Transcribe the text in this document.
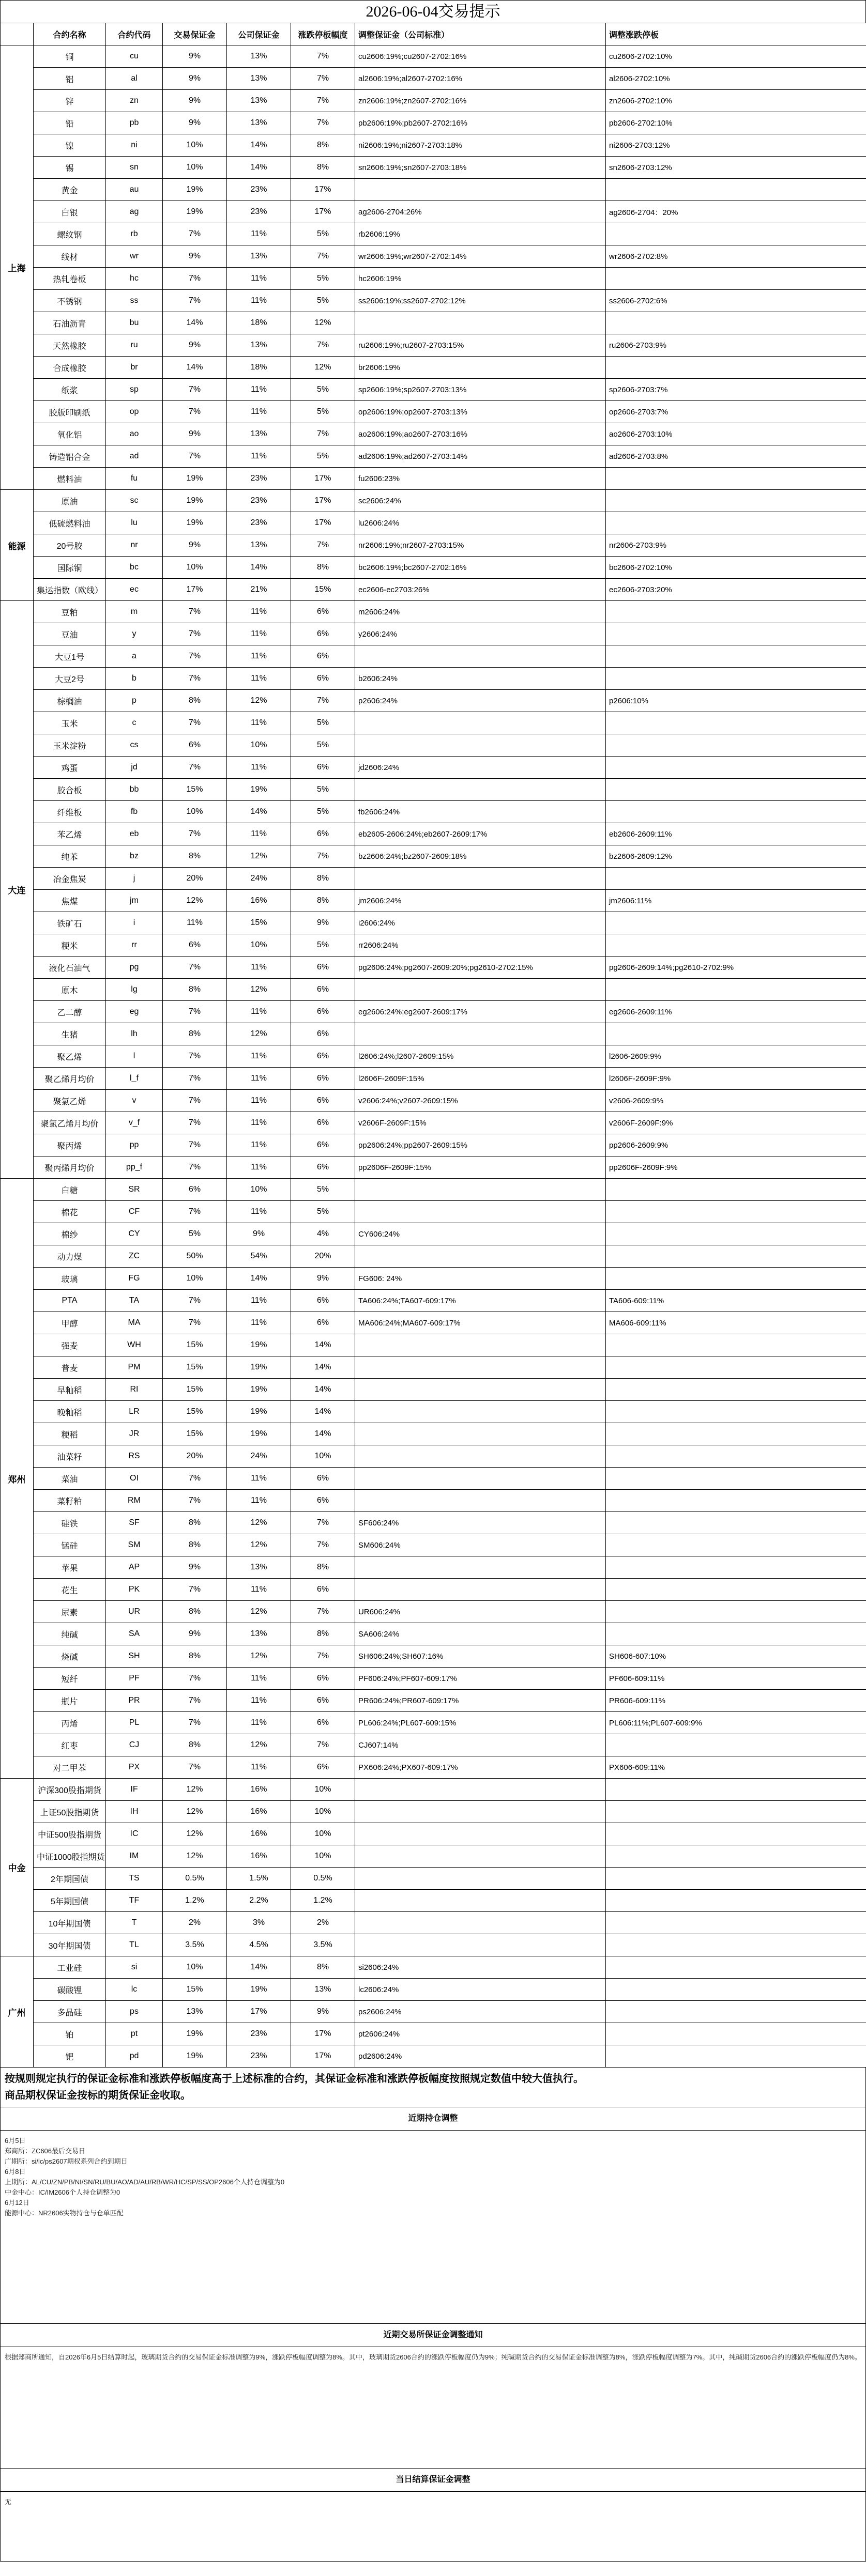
2026-06-04交易提示
	合约名称	合约代码	交易保证金	公司保证金	涨跌停板幅度	调整保证金（公司标准）	调整涨跌停板
上海	铜	cu	9%	13%	7%	cu2606:19%;cu2607-2702:16%	cu2606-2702:10%
	铝	al	9%	13%	7%	al2606:19%;al2607-2702:16%	al2606-2702:10%
	锌	zn	9%	13%	7%	zn2606:19%;zn2607-2702:16%	zn2606-2702:10%
	铅	pb	9%	13%	7%	pb2606:19%;pb2607-2702:16%	pb2606-2702:10%
	镍	ni	10%	14%	8%	ni2606:19%;ni2607-2703:18%	ni2606-2703:12%
	锡	sn	10%	14%	8%	sn2606:19%;sn2607-2703:18%	sn2606-2703:12%
	黄金	au	19%	23%	17%		
	白银	ag	19%	23%	17%	ag2606-2704:26%	ag2606-2704：20%
	螺纹钢	rb	7%	11%	5%	rb2606:19%	
	线材	wr	9%	13%	7%	wr2606:19%;wr2607-2702:14%	wr2606-2702:8%
	热轧卷板	hc	7%	11%	5%	hc2606:19%	
	不锈钢	ss	7%	11%	5%	ss2606:19%;ss2607-2702:12%	ss2606-2702:6%
	石油沥青	bu	14%	18%	12%		
	天然橡胶	ru	9%	13%	7%	ru2606:19%;ru2607-2703:15%	ru2606-2703:9%
	合成橡胶	br	14%	18%	12%	br2606:19%	
	纸浆	sp	7%	11%	5%	sp2606:19%;sp2607-2703:13%	sp2606-2703:7%
	胶版印刷纸	op	7%	11%	5%	op2606:19%;op2607-2703:13%	op2606-2703:7%
	氧化铝	ao	9%	13%	7%	ao2606:19%;ao2607-2703:16%	ao2606-2703:10%
	铸造铝合金	ad	7%	11%	5%	ad2606:19%;ad2607-2703:14%	ad2606-2703:8%
	燃料油	fu	19%	23%	17%	fu2606:23%	
能源	原油	sc	19%	23%	17%	sc2606:24%	
	低硫燃料油	lu	19%	23%	17%	lu2606:24%	
	20号胶	nr	9%	13%	7%	nr2606:19%;nr2607-2703:15%	nr2606-2703:9%
	国际铜	bc	10%	14%	8%	bc2606:19%;bc2607-2702:16%	bc2606-2702:10%
	集运指数（欧线）	ec	17%	21%	15%	ec2606-ec2703:26%	ec2606-2703:20%
大连	豆粕	m	7%	11%	6%	m2606:24%	
	豆油	y	7%	11%	6%	y2606:24%	
	大豆1号	a	7%	11%	6%		
	大豆2号	b	7%	11%	6%	b2606:24%	
	棕榈油	p	8%	12%	7%	p2606:24%	p2606:10%
	玉米	c	7%	11%	5%		
	玉米淀粉	cs	6%	10%	5%		
	鸡蛋	jd	7%	11%	6%	jd2606:24%	
	胶合板	bb	15%	19%	5%		
	纤维板	fb	10%	14%	5%	fb2606:24%	
	苯乙烯	eb	7%	11%	6%	eb2605-2606:24%;eb2607-2609:17%	eb2606-2609:11%
	纯苯	bz	8%	12%	7%	bz2606:24%;bz2607-2609:18%	bz2606-2609:12%
	冶金焦炭	j	20%	24%	8%		
	焦煤	jm	12%	16%	8%	jm2606:24%	jm2606:11%
	铁矿石	i	11%	15%	9%	i2606:24%	
	粳米	rr	6%	10%	5%	rr2606:24%	
	液化石油气	pg	7%	11%	6%	pg2606:24%;pg2607-2609:20%;pg2610-2702:15%	pg2606-2609:14%;pg2610-2702:9%
	原木	lg	8%	12%	6%		
	乙二醇	eg	7%	11%	6%	eg2606:24%;eg2607-2609:17%	eg2606-2609:11%
	生猪	lh	8%	12%	6%		
	聚乙烯	l	7%	11%	6%	l2606:24%;l2607-2609:15%	l2606-2609:9%
	聚乙烯月均价	l_f	7%	11%	6%	l2606F-2609F:15%	l2606F-2609F:9%
	聚氯乙烯	v	7%	11%	6%	v2606:24%;v2607-2609:15%	v2606-2609:9%
	聚氯乙烯月均价	v_f	7%	11%	6%	v2606F-2609F:15%	v2606F-2609F:9%
	聚丙烯	pp	7%	11%	6%	pp2606:24%;pp2607-2609:15%	pp2606-2609:9%
	聚丙烯月均价	pp_f	7%	11%	6%	pp2606F-2609F:15%	pp2606F-2609F:9%
郑州	白糖	SR	6%	10%	5%		
	棉花	CF	7%	11%	5%		
	棉纱	CY	5%	9%	4%	CY606:24%	
	动力煤	ZC	50%	54%	20%		
	玻璃	FG	10%	14%	9%	FG606: 24%	
	PTA	TA	7%	11%	6%	TA606:24%;TA607-609:17%	TA606-609:11%
	甲醇	MA	7%	11%	6%	MA606:24%;MA607-609:17%	MA606-609:11%
	强麦	WH	15%	19%	14%		
	普麦	PM	15%	19%	14%		
	早籼稻	RI	15%	19%	14%		
	晚籼稻	LR	15%	19%	14%		
	粳稻	JR	15%	19%	14%		
	油菜籽	RS	20%	24%	10%		
	菜油	OI	7%	11%	6%		
	菜籽粕	RM	7%	11%	6%		
	硅铁	SF	8%	12%	7%	SF606:24%	
	锰硅	SM	8%	12%	7%	SM606:24%	
	苹果	AP	9%	13%	8%		
	花生	PK	7%	11%	6%		
	尿素	UR	8%	12%	7%	UR606:24%	
	纯碱	SA	9%	13%	8%	SA606:24%	
	烧碱	SH	8%	12%	7%	SH606:24%;SH607:16%	SH606-607:10%
	短纤	PF	7%	11%	6%	PF606:24%;PF607-609:17%	PF606-609:11%
	瓶片	PR	7%	11%	6%	PR606:24%;PR607-609:17%	PR606-609:11%
	丙烯	PL	7%	11%	6%	PL606:24%;PL607-609:15%	PL606:11%;PL607-609:9%
	红枣	CJ	8%	12%	7%	CJ607:14%	
	对二甲苯	PX	7%	11%	6%	PX606:24%;PX607-609:17%	PX606-609:11%
中金	沪深300股指期货	IF	12%	16%	10%		
	上证50股指期货	IH	12%	16%	10%		
	中证500股指期货	IC	12%	16%	10%		
	中证1000股指期货	IM	12%	16%	10%		
	2年期国债	TS	0.5%	1.5%	0.5%		
	5年期国债	TF	1.2%	2.2%	1.2%		
	10年期国债	T	2%	3%	2%		
	30年期国债	TL	3.5%	4.5%	3.5%		
广州	工业硅	si	10%	14%	8%	si2606:24%	
	碳酸锂	lc	15%	19%	13%	lc2606:24%	
	多晶硅	ps	13%	17%	9%	ps2606:24%	
	铂	pt	19%	23%	17%	pt2606:24%	
	钯	pd	19%	23%	17%	pd2606:24%	
按规则规定执行的保证金标准和涨跌停板幅度高于上述标准的合约，其保证金标准和涨跌停板幅度按照规定数值中较大值执行。
商品期权保证金按标的期货保证金收取。
近期持仓调整
6月5日
郑商所：ZC606最后交易日
广期所：si/lc/ps2607期权系列合约到期日
6月8日
上期所：AL/CU/ZN/PB/NI/SN/RU/BU/AO/AD/AU/RB/WR/HC/SP/SS/OP2606个人持仓调整为0
中金中心：IC/IM2606个人持仓调整为0
6月12日
能源中心：NR2606实物持仓与仓单匹配
近期交易所保证金调整通知
根据郑商所通知，自2026年6月5日结算时起，玻璃期货合约的交易保证金标准调整为9%，涨跌停板幅度调整为8%。其中，玻璃期货2606合约的涨跌停板幅度仍为9%；纯碱期货合约的交易保证金标准调整为8%，涨跌停板幅度调整为7%。其中，纯碱期货2606合约的涨跌停板幅度仍为8%。
当日结算保证金调整
无
